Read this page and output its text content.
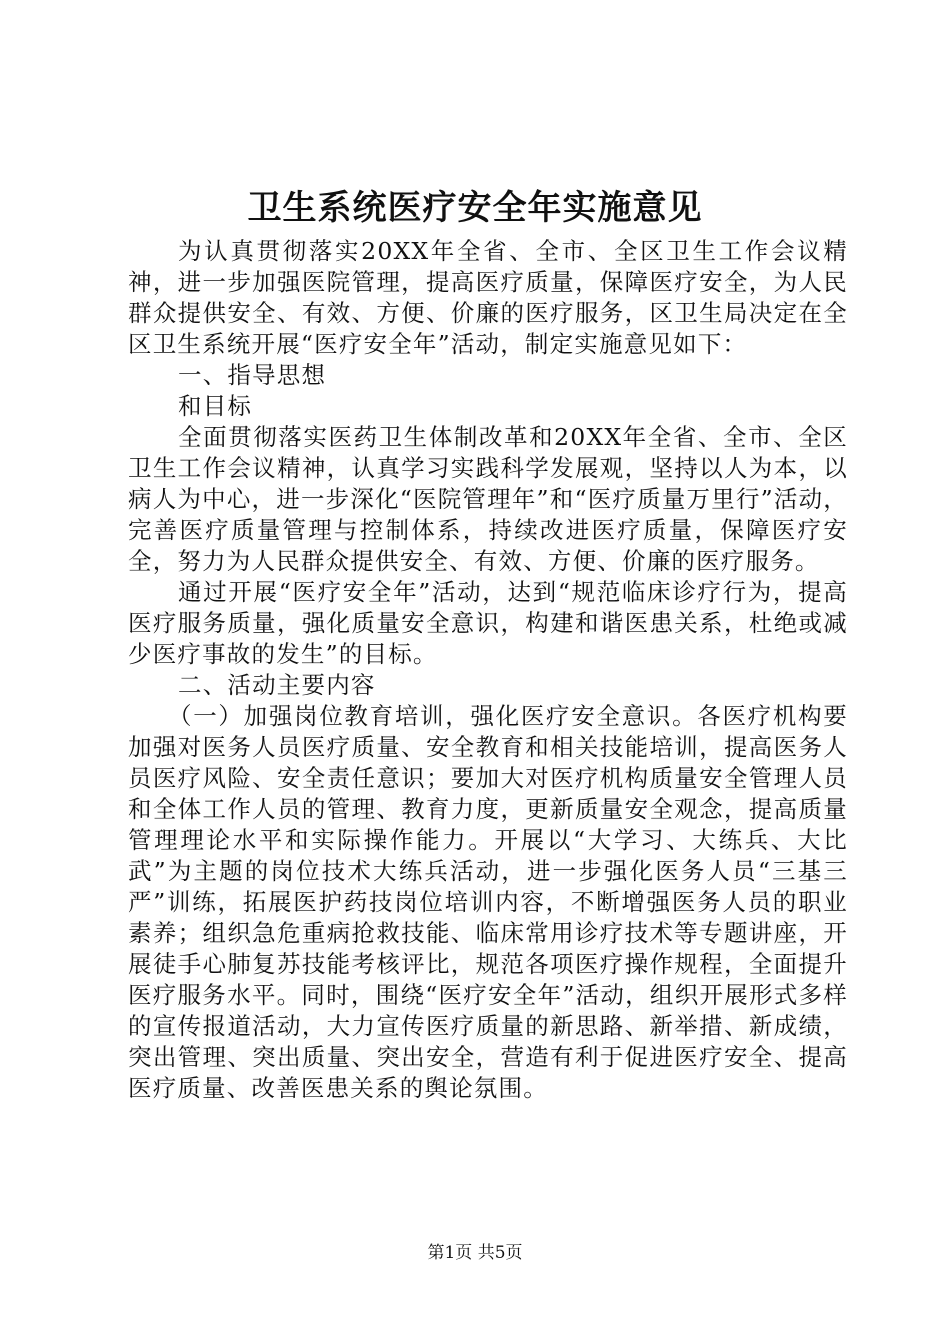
卫生系统医疗安全年实施意见

为认真贯彻落实20XX年全省、全市、全区卫生工作会议精神，进一步加强医院管理，提高医疗质量，保障医疗安全，为人民群众提供安全、有效、方便、价廉的医疗服务，区卫生局决定在全区卫生系统开展“医疗安全年”活动，制定实施意见如下：

一、指导思想

和目标

全面贯彻落实医药卫生体制改革和20XX年全省、全市、全区卫生工作会议精神，认真学习实践科学发展观，坚持以人为本，以病人为中心，进一步深化“医院管理年”和“医疗质量万里行”活动，完善医疗质量管理与控制体系，持续改进医疗质量，保障医疗安全，努力为人民群众提供安全、有效、方便、价廉的医疗服务。

通过开展“医疗安全年”活动，达到“规范临床诊疗行为，提高医疗服务质量，强化质量安全意识，构建和谐医患关系，杜绝或减少医疗事故的发生”的目标。

二、活动主要内容

（一）加强岗位教育培训，强化医疗安全意识。各医疗机构要加强对医务人员医疗质量、安全教育和相关技能培训，提高医务人员医疗风险、安全责任意识；要加大对医疗机构质量安全管理人员和全体工作人员的管理、教育力度，更新质量安全观念，提高质量管理理论水平和实际操作能力。开展以“大学习、大练兵、大比武”为主题的岗位技术大练兵活动，进一步强化医务人员“三基三严”训练，拓展医护药技岗位培训内容，不断增强医务人员的职业素养；组织急危重病抢救技能、临床常用诊疗技术等专题讲座，开展徒手心肺复苏技能考核评比，规范各项医疗操作规程，全面提升医疗服务水平。同时，围绕“医疗安全年”活动，组织开展形式多样的宣传报道活动，大力宣传医疗质量的新思路、新举措、新成绩，突出管理、突出质量、突出安全，营造有利于促进医疗安全、提高医疗质量、改善医患关系的舆论氛围。

第1页 共5页
